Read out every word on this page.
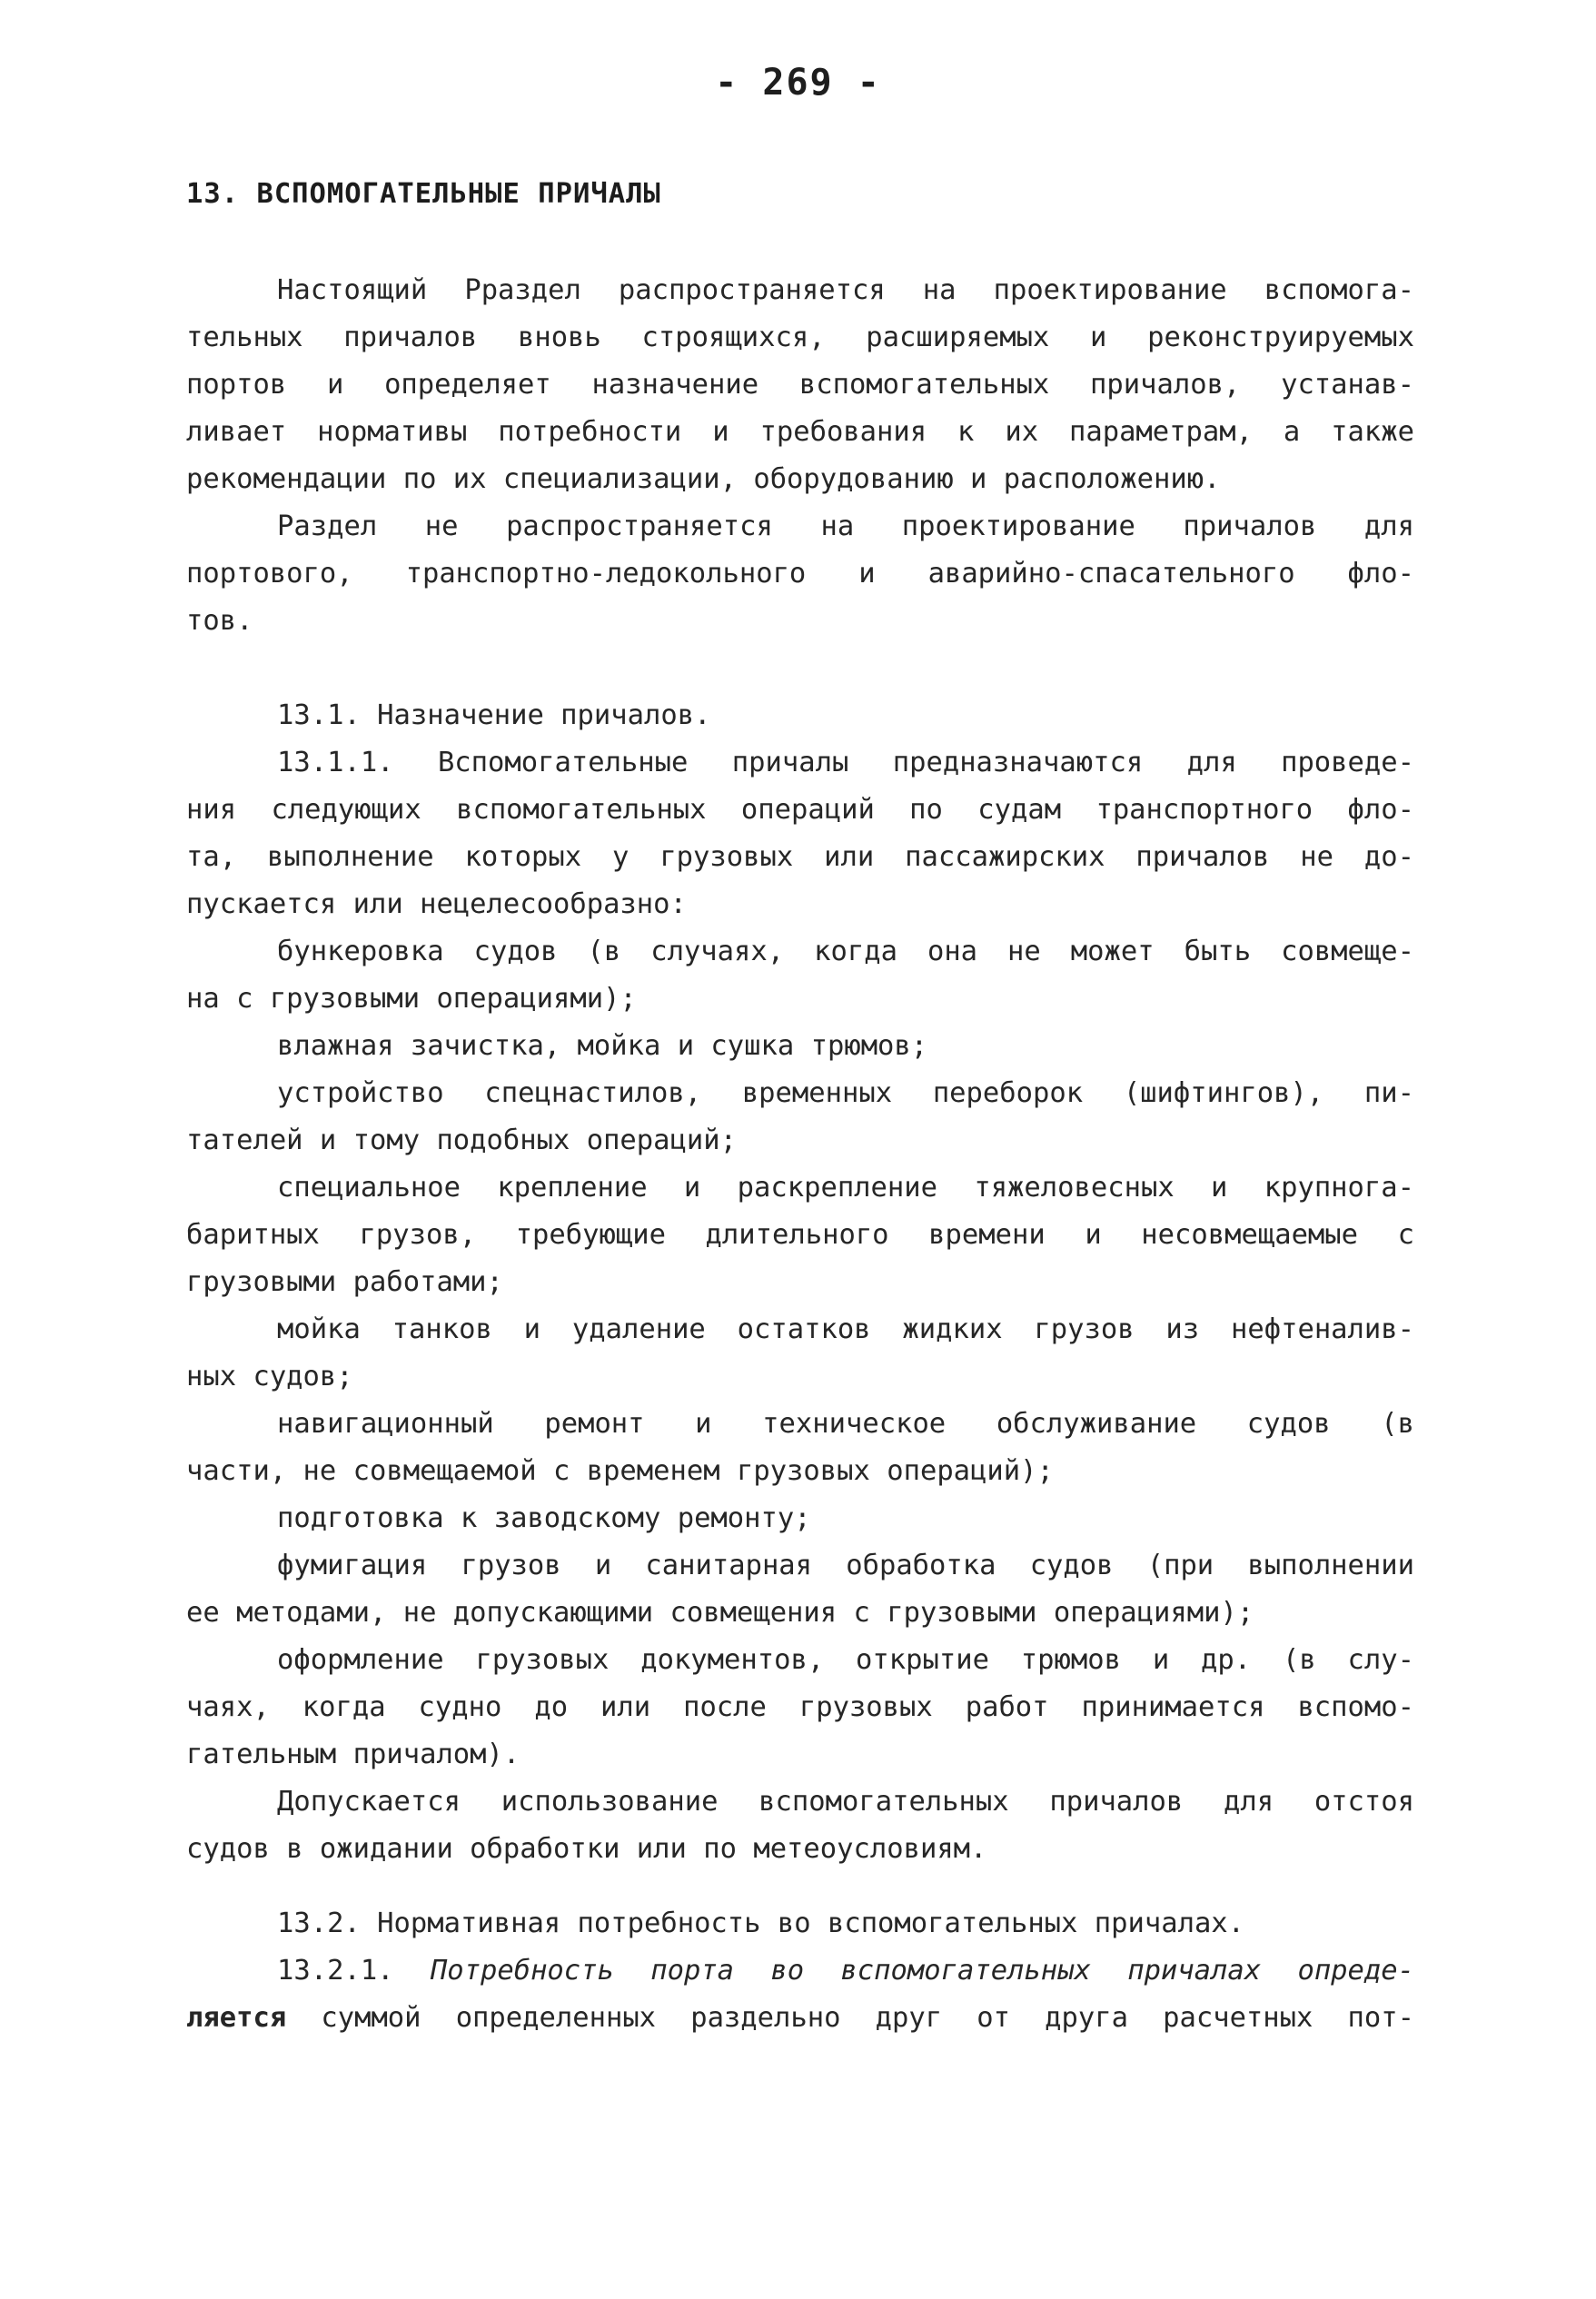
- 269 -
13. ВСПОМОГАТЕЛЬНЫЕ ПРИЧАЛЫ
Настоящий Рраздел распространяется на проектирование вспомога-
тельных причалов вновь строящихся, расширяемых и реконструируемых
портов и определяет назначение вспомогательных причалов, устанав-
ливает нормативы потребности и требования к их параметрам, а также
рекомендации по их специализации, оборудованию и расположению.
Раздел не распространяется на проектирование причалов для
портового, транспортно-ледокольного и аварийно-спасательного фло-
тов.
13.1. Назначение причалов.
13.1.1. Вспомогательные причалы предназначаются для проведе-
ния следующих вспомогательных операций по судам транспортного фло-
та, выполнение которых у грузовых или пассажирских причалов не до-
пускается или нецелесообразно:
бункеровка судов (в случаях, когда она не может быть совмеще-
на с грузовыми операциями);
влажная зачистка, мойка и сушка трюмов;
устройство спецнастилов, временных переборок (шифтингов), пи-
тателей и тому подобных операций;
специальное крепление и раскрепление тяжеловесных и крупнога-
баритных грузов, требующие длительного времени и несовмещаемые с
грузовыми работами;
мойка танков и удаление остатков жидких грузов из нефтеналив-
ных судов;
навигационный ремонт и техническое обслуживание судов (в
части, не совмещаемой с временем грузовых операций);
подготовка к заводскому ремонту;
фумигация грузов и санитарная обработка судов (при выполнении
ее методами, не допускающими совмещения с грузовыми операциями);
оформление грузовых документов, открытие трюмов и др. (в слу-
чаях, когда судно до или после грузовых работ принимается вспомо-
гательным причалом).
Допускается использование вспомогательных причалов для отстоя
судов в ожидании обработки или по метеоусловиям.
13.2. Нормативная потребность во вспомогательных причалах.
13.2.1. Потребность порта во вспомогательных причалах опреде-
ляется суммой определенных раздельно друг от друга расчетных пот-
